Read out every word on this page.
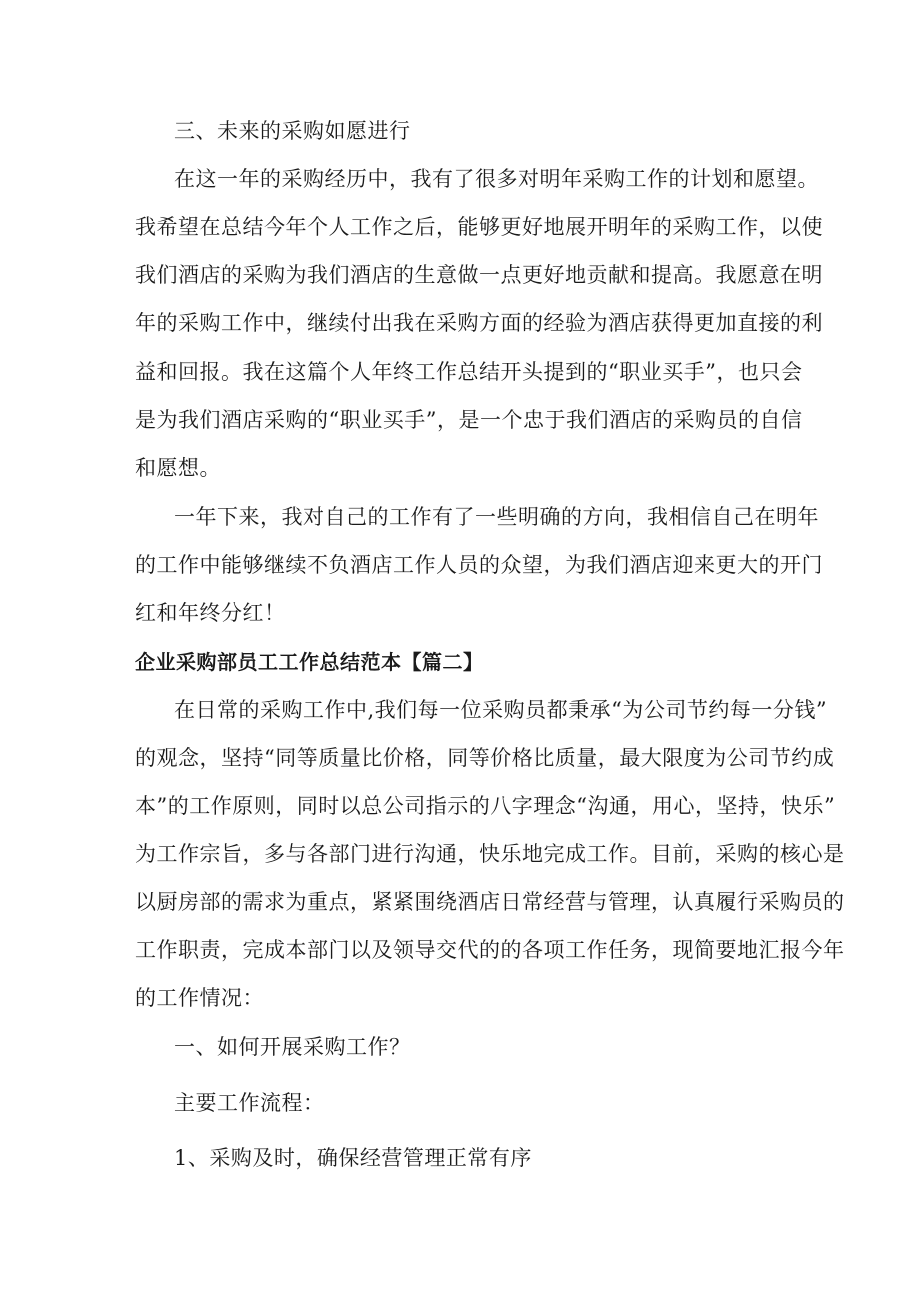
三、未来的采购如愿进行
在这一年的采购经历中，我有了很多对明年采购工作的计划和愿望。
我希望在总结今年个人工作之后，能够更好地展开明年的采购工作，以使
我们酒店的采购为我们酒店的生意做一点更好地贡献和提高。我愿意在明
年的采购工作中，继续付出我在采购方面的经验为酒店获得更加直接的利
益和回报。我在这篇个人年终工作总结开头提到的“职业买手”，也只会
是为我们酒店采购的“职业买手”，是一个忠于我们酒店的采购员的自信
和愿想。
一年下来，我对自己的工作有了一些明确的方向，我相信自己在明年
的工作中能够继续不负酒店工作人员的众望，为我们酒店迎来更大的开门
红和年终分红！
企业采购部员工工作总结范本【篇二】
在日常的采购工作中,我们每一位采购员都秉承“为公司节约每一分钱”
的观念，坚持“同等质量比价格，同等价格比质量，最大限度为公司节约成
本”的工作原则，同时以总公司指示的八字理念“沟通，用心，坚持，快乐”
为工作宗旨，多与各部门进行沟通，快乐地完成工作。目前，采购的核心是
以厨房部的需求为重点，紧紧围绕酒店日常经营与管理，认真履行采购员的
工作职责，完成本部门以及领导交代的的各项工作任务，现简要地汇报今年
的工作情况：
一、如何开展采购工作？
主要工作流程：
1、采购及时，确保经营管理正常有序
